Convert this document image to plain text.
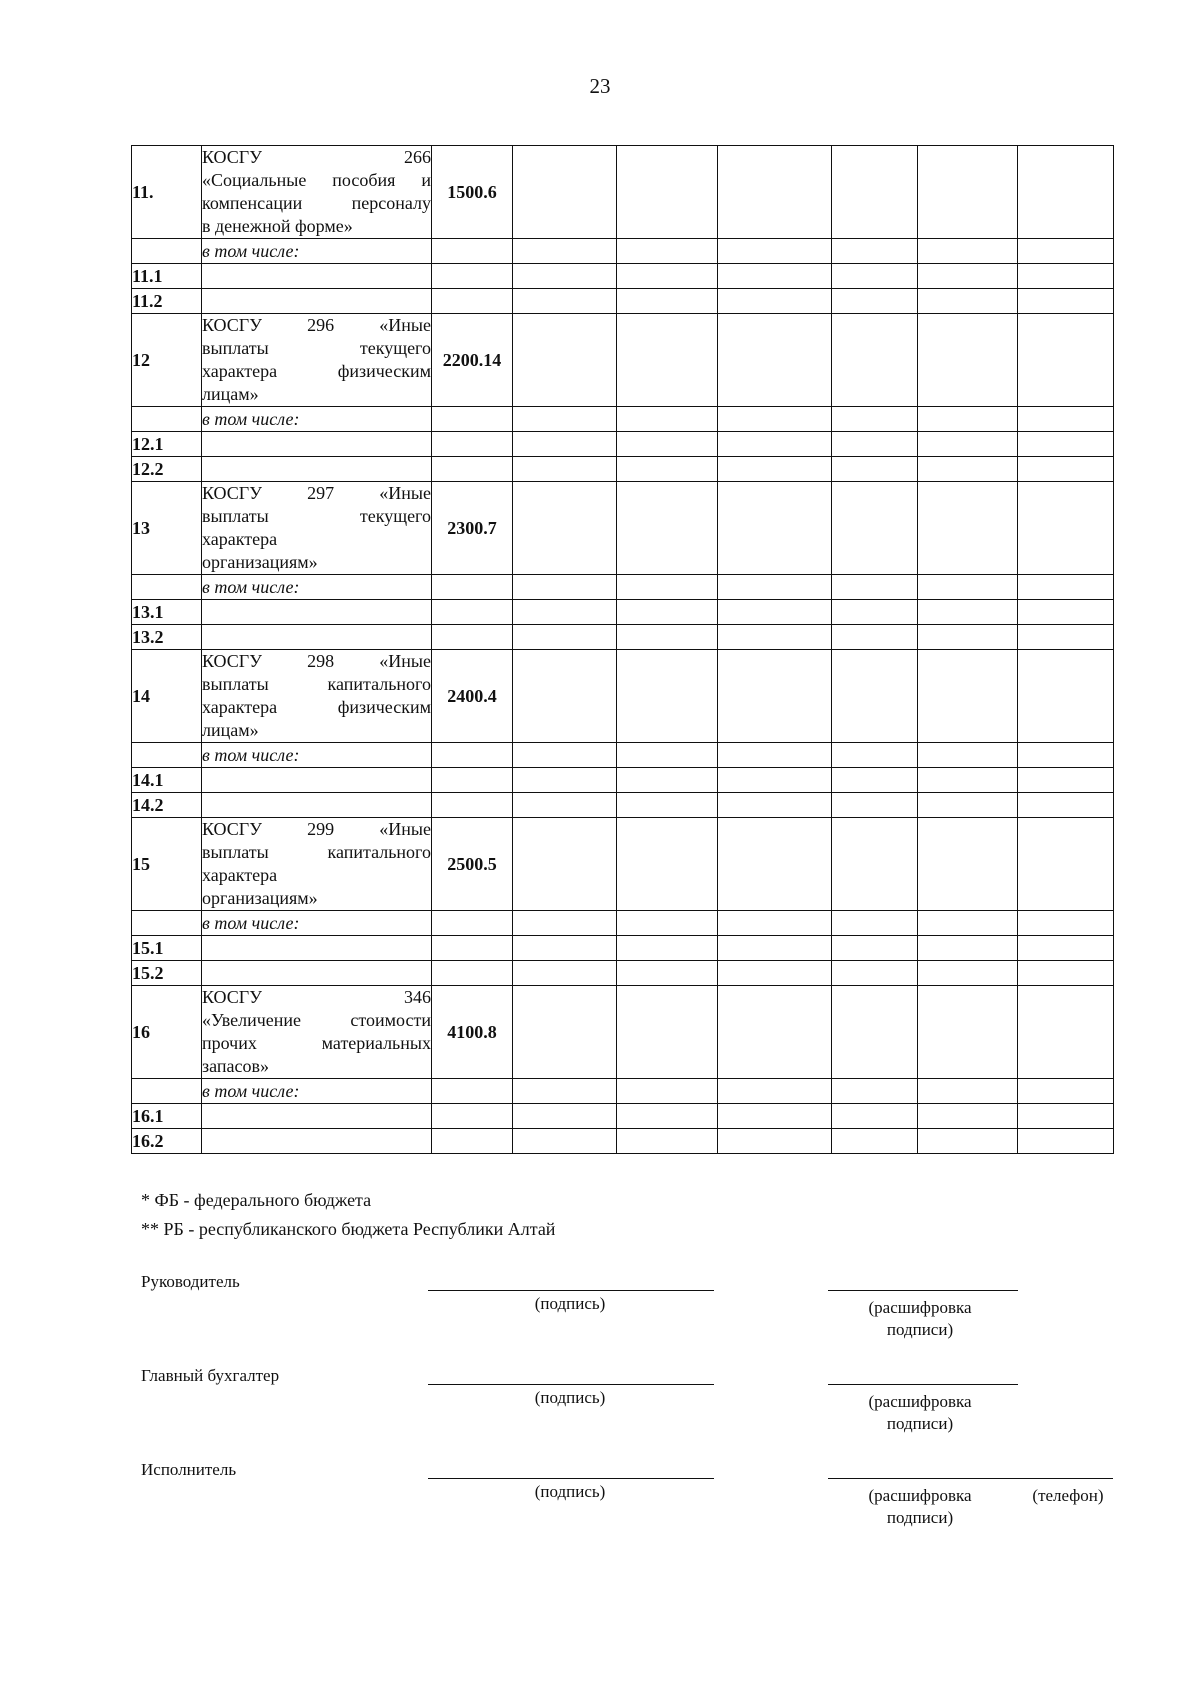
23
11.	КОСГУ 266
«Социальные пособия и
компенсации персоналу
в денежной форме»	1500.6						
	в том числе:							
11.1								
11.2								
12	КОСГУ 296 «Иные
выплаты текущего
характера физическим
лицам»	2200.14						
	в том числе:							
12.1								
12.2								
13	КОСГУ 297 «Иные
выплаты текущего
характера
организациям»	2300.7						
	в том числе:							
13.1								
13.2								
14	КОСГУ 298 «Иные
выплаты капитального
характера физическим
лицам»	2400.4						
	в том числе:							
14.1								
14.2								
15	КОСГУ 299 «Иные
выплаты капитального
характера
организациям»	2500.5						
	в том числе:							
15.1								
15.2								
16	КОСГУ 346
«Увеличение стоимости
прочих материальных
запасов»	4100.8						
	в том числе:							
16.1								
16.2								
* ФБ - федерального бюджета
** РБ - республиканского бюджета Республики Алтай
Руководитель
(подпись)	(расшифровка
подписи)
Главный бухгалтер
(подпись)	(расшифровка
подписи)
Исполнитель
(подпись)	(расшифровка
подписи)
(телефон)
